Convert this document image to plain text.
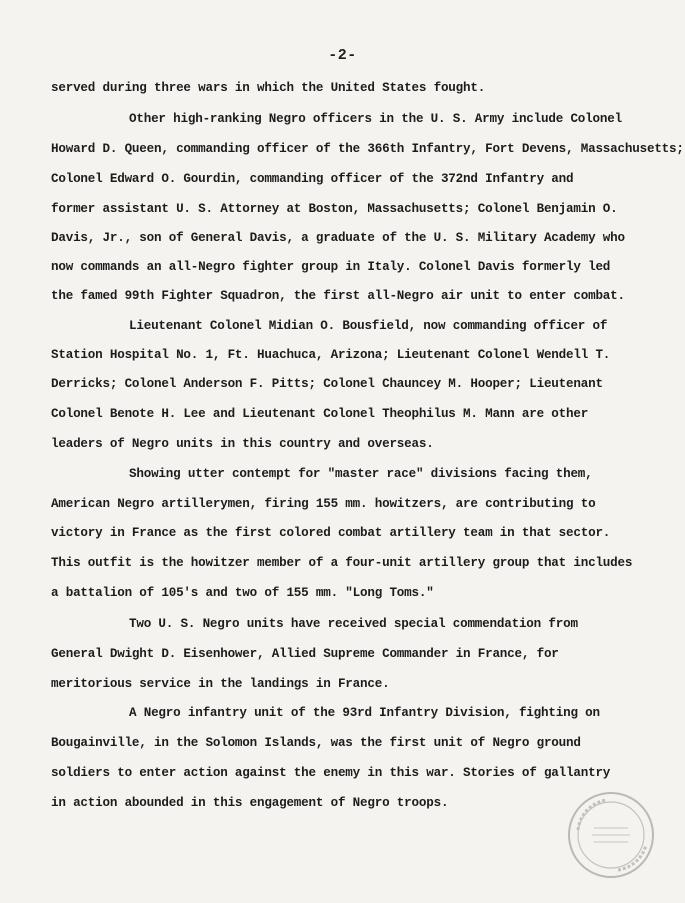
-2-
served during three wars in which the United States fought.
Other high-ranking Negro officers in the U. S. Army include Colonel
Howard D. Queen, commanding officer of the 366th Infantry, Fort Devens, Massachusetts;
Colonel Edward O. Gourdin, commanding officer of the 372nd Infantry and
former assistant U. S. Attorney at Boston, Massachusetts; Colonel Benjamin O.
Davis, Jr., son of General Davis, a graduate of the U. S. Military Academy who
now commands an all-Negro fighter group in Italy. Colonel Davis formerly led
the famed 99th Fighter Squadron, the first all-Negro air unit to enter combat.
Lieutenant Colonel Midian O. Bousfield, now commanding officer of
Station Hospital No. 1, Ft. Huachuca, Arizona; Lieutenant Colonel Wendell T.
Derricks; Colonel Anderson F. Pitts; Colonel Chauncey M. Hooper; Lieutenant
Colonel Benote H. Lee and Lieutenant Colonel Theophilus M. Mann are other
leaders of Negro units in this country and overseas.
Showing utter contempt for "master race" divisions facing them,
American Negro artillerymen, firing 155 mm. howitzers, are contributing to
victory in France as the first colored combat artillery team in that sector.
This outfit is the howitzer member of a four-unit artillery group that includes
a battalion of 105's and two of 155 mm. "Long Toms."
Two U. S. Negro units have received special commendation from
General Dwight D. Eisenhower, Allied Supreme Commander in France, for
meritorious service in the landings in France.
A Negro infantry unit of the 93rd Infantry Division, fighting on
Bougainville, in the Solomon Islands, was the first unit of Negro ground
soldiers to enter action against the enemy in this war. Stories of gallantry
in action abounded in this engagement of Negro troops.
